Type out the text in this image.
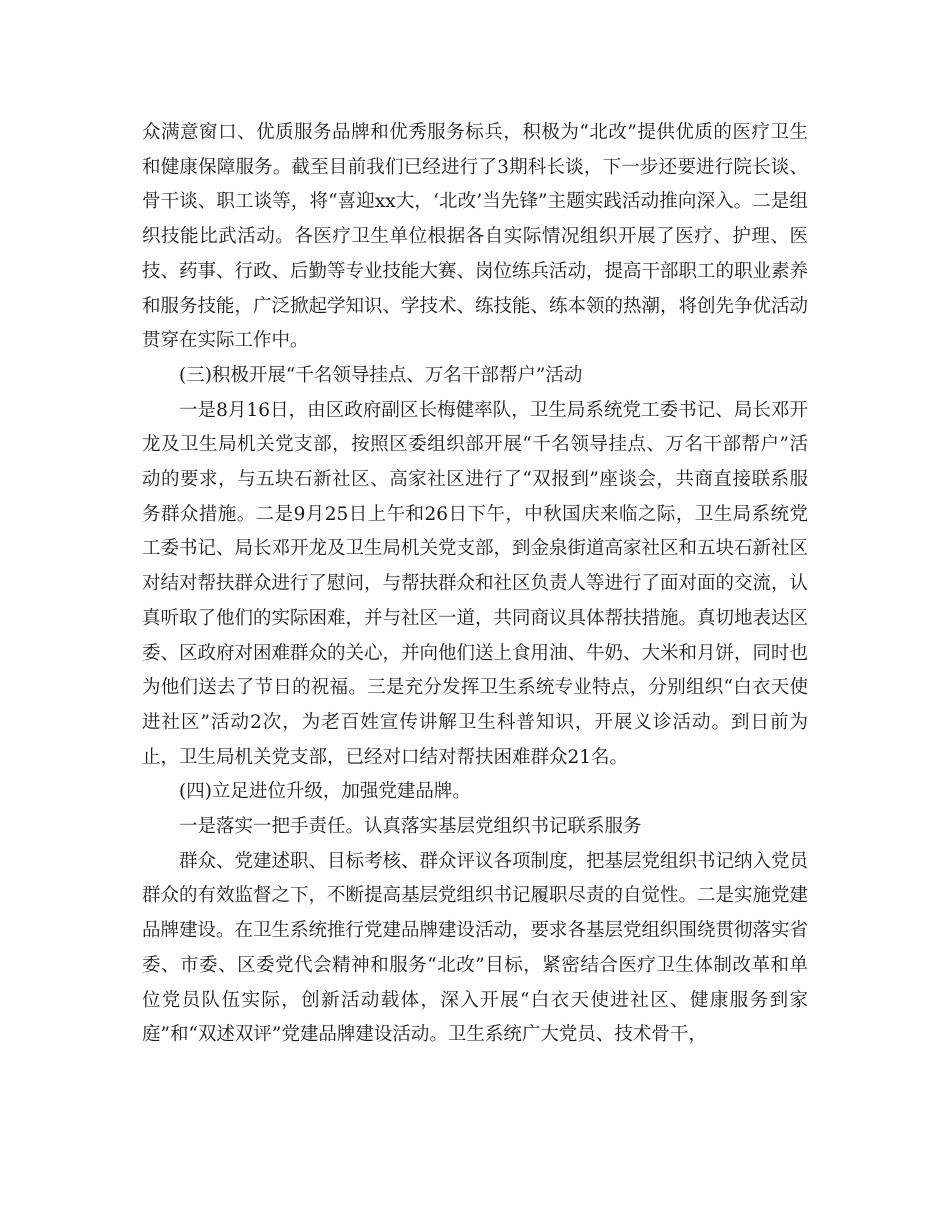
众满意窗口、优质服务品牌和优秀服务标兵，积极为“北改”提供优质的医疗卫生和健康保障服务。截至目前我们已经进行了3期科长谈，下一步还要进行院长谈、骨干谈、职工谈等，将“喜迎xx大，‘北改’当先锋”主题实践活动推向深入。二是组织技能比武活动。各医疗卫生单位根据各自实际情况组织开展了医疗、护理、医技、药事、行政、后勤等专业技能大赛、岗位练兵活动，提高干部职工的职业素养和服务技能，广泛掀起学知识、学技术、练技能、练本领的热潮，将创先争优活动贯穿在实际工作中。

(三)积极开展“千名领导挂点、万名干部帮户”活动

一是8月16日，由区政府副区长梅健率队，卫生局系统党工委书记、局长邓开龙及卫生局机关党支部，按照区委组织部开展“千名领导挂点、万名干部帮户”活动的要求，与五块石新社区、高家社区进行了“双报到”座谈会，共商直接联系服务群众措施。二是9月25日上午和26日下午，中秋国庆来临之际，卫生局系统党工委书记、局长邓开龙及卫生局机关党支部，到金泉街道高家社区和五块石新社区对结对帮扶群众进行了慰问，与帮扶群众和社区负责人等进行了面对面的交流，认真听取了他们的实际困难，并与社区一道，共同商议具体帮扶措施。真切地表达区委、区政府对困难群众的关心，并向他们送上食用油、牛奶、大米和月饼，同时也为他们送去了节日的祝福。三是充分发挥卫生系统专业特点，分别组织“白衣天使进社区”活动2次，为老百姓宣传讲解卫生科普知识，开展义诊活动。到日前为止，卫生局机关党支部，已经对口结对帮扶困难群众21名。

(四)立足进位升级，加强党建品牌。

一是落实一把手责任。认真落实基层党组织书记联系服务

群众、党建述职、目标考核、群众评议各项制度，把基层党组织书记纳入党员群众的有效监督之下，不断提高基层党组织书记履职尽责的自觉性。二是实施党建品牌建设。在卫生系统推行党建品牌建设活动，要求各基层党组织围绕贯彻落实省委、市委、区委党代会精神和服务“北改”目标，紧密结合医疗卫生体制改革和单位党员队伍实际，创新活动载体，深入开展“白衣天使进社区、健康服务到家庭”和“双述双评”党建品牌建设活动。卫生系统广大党员、技术骨干，
